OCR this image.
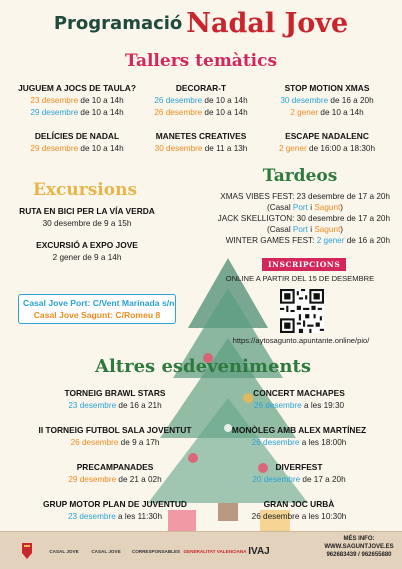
Programació Nadal Jove
Tallers temàtics
JUGUEM A JOCS DE TAULA?
23 desembre de 10 a 14h
29 desembre de 10 a 14h
DECORAR-T
26 desembre de 10 a 14h
26 desembre de 10 a 14h
STOP MOTION XMAS
30 desembre de 16 a 20h
2 gener de 10 a 14h
DELÍCIES DE NADAL
29 desembre de 10 a 14h
MANETES CREATIVES
30 desembre de 11 a 13h
ESCAPE NADALENC
2 gener de 16:00 a 18:30h
Excursions
RUTA EN BICI PER LA VÍA VERDA
30 desembre de 9 a 15h
EXCURSIÓ A EXPO JOVE
2 gener de 9 a 14h
Tardeos
XMAS VIBES FEST: 23 desembre de 17 a 20h
(Casal Port i Sagunt)
JACK SKELLIGTON: 30 desembre de 17 a 20h
(Casal Port i Sagunt)
WINTER GAMES FEST: 2 gener de 16 a 20h
INSCRIPCIONS
ONLINE A PARTIR DEL 15 DE DESEMBRE
https://aytosagunto.apuntante.online/pio/
Casal Jove Port: C/Vent Marinada s/n
Casal Jove Sagunt: C/Romeu 8
Altres esdeveniments
TORNEIG BRAWL STARS
23 desembre de 16 a 21h
CONCERT MACHAPES
26 desembre a les 19:30
II TORNEIG FUTBOL SALA JOVENTUT
26 desembre de 9 a 17h
MONÒLEG AMB ALEX MARTÍNEZ
26 desembre a les 18:00h
PRECAMPANADES
29 desembre de 21 a 02h
DIVERFEST
20 desembre de 17 a 20h
GRUP MOTOR PLAN DE JUVENTUD
23 desembre a les 11:30h
GRAN JOC URBÀ
26 desembre a les 10:30h
CASAL JOVE	CASAL JOVE CORRESPONSABLES GENERALITAT VALENCIANA IVAJ
MÉS INFO:
WWW.SAGUNTJOVE.ES
962683439 / 962655880
